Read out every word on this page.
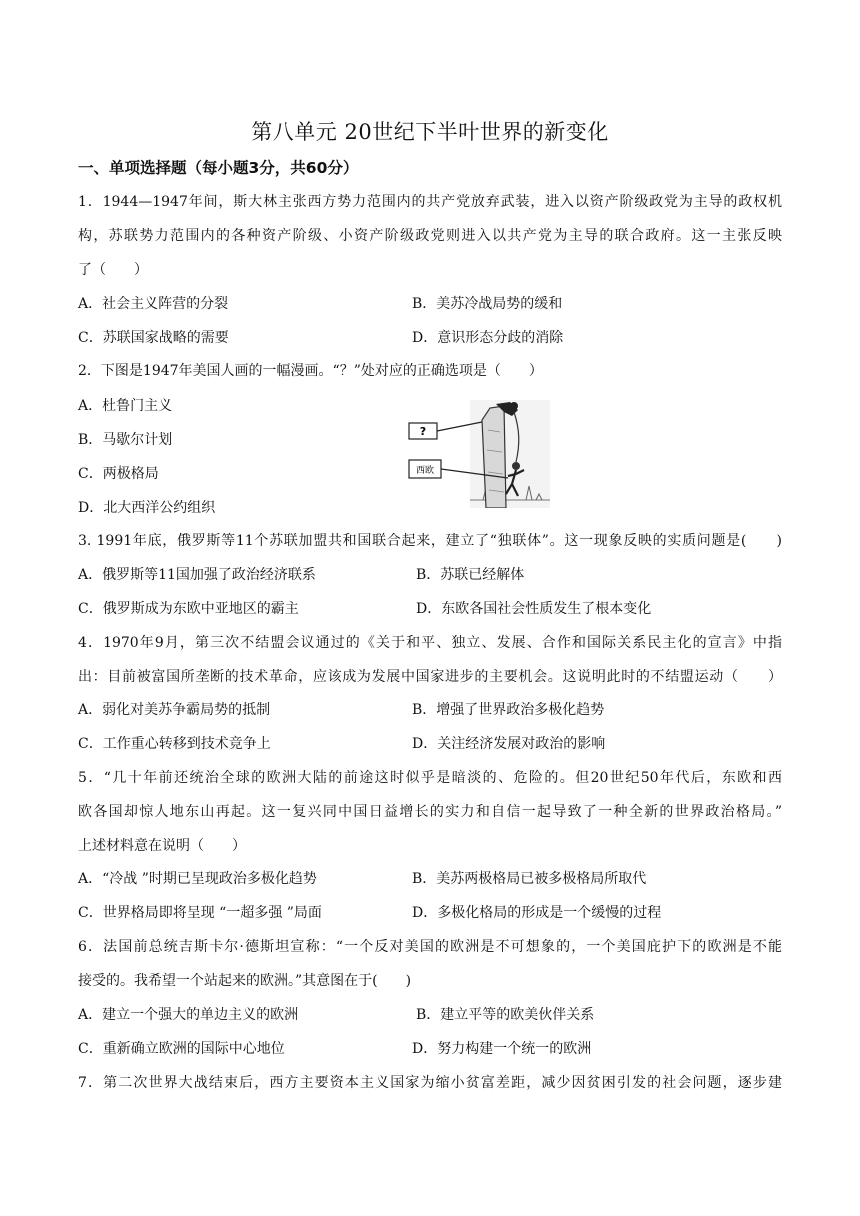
第八单元 20世纪下半叶世界的新变化
一、单项选择题（每小题3分，共60分）
1．1944—1947年间，斯大林主张西方势力范围内的共产党放弃武装，进入以资产阶级政党为主导的政权机
构，苏联势力范围内的各种资产阶级、小资产阶级政党则进入以共产党为主导的联合政府。这一主张反映
了（　　）
A．社会主义阵营的分裂	B．美苏冷战局势的缓和
C．苏联国家战略的需要	D．意识形态分歧的消除
2．下图是1947年美国人画的一幅漫画。“？”处对应的正确选项是（　　）
A．杜鲁门主义
B．马歇尔计划
C．两极格局
D．北大西洋公约组织
?
西欧
3. 1991年底，俄罗斯等11个苏联加盟共和国联合起来，建立了“独联体”。这一现象反映的实质问题是(　　)
A．俄罗斯等11国加强了政治经济联系	B．苏联已经解体
C．俄罗斯成为东欧中亚地区的霸主	D．东欧各国社会性质发生了根本变化
4．1970年9月，第三次不结盟会议通过的《关于和平、独立、发展、合作和国际关系民主化的宣言》中指
出：目前被富国所垄断的技术革命，应该成为发展中国家进步的主要机会。这说明此时的不结盟运动（　　）
A．弱化对美苏争霸局势的抵制	B．增强了世界政治多极化趋势
C．工作重心转移到技术竞争上	D．关注经济发展对政治的影响
5．“几十年前还统治全球的欧洲大陆的前途这时似乎是暗淡的、危险的。但20世纪50年代后，东欧和西
欧各国却惊人地东山再起。这一复兴同中国日益增长的实力和自信一起导致了一种全新的世界政治格局。”
上述材料意在说明（　　）
A．“冷战 ”时期已呈现政治多极化趋势	B．美苏两极格局已被多极格局所取代
C．世界格局即将呈现 “一超多强 ”局面	D．多极化格局的形成是一个缓慢的过程
6．法国前总统吉斯卡尔·德斯坦宣称：“一个反对美国的欧洲是不可想象的，一个美国庇护下的欧洲是不能
接受的。我希望一个站起来的欧洲。”其意图在于(　　)
A．建立一个强大的单边主义的欧洲	B．建立平等的欧美伙伴关系
C．重新确立欧洲的国际中心地位	D．努力构建一个统一的欧洲
7．第二次世界大战结束后，西方主要资本主义国家为缩小贫富差距，减少因贫困引发的社会问题，逐步建
